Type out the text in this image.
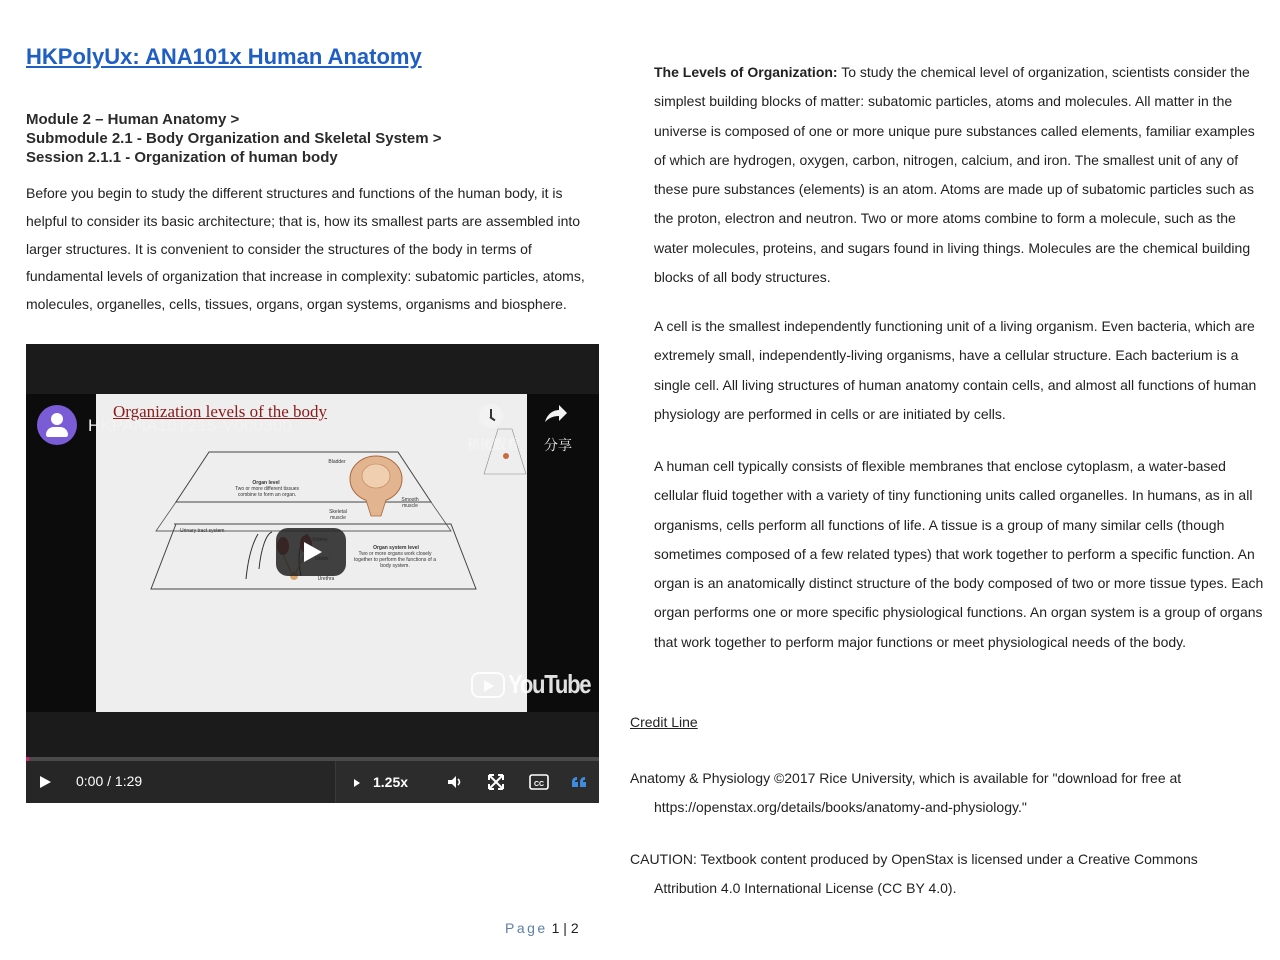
HKPolyUx: ANA101x Human Anatomy
Module 2 – Human Anatomy >
Submodule 2.1 - Body Organization and Skeletal System >
Session 2.1.1 - Organization of human body

Before you begin to study the different structures and functions of the human body, it is helpful to consider its basic architecture; that is, how its smallest parts are assembled into larger structures. It is convenient to consider the structures of the body in terms of fundamental levels of organization that increase in complexity: subatomic particles, atoms, molecules, organelles, cells, tissues, organs, organ systems, organisms and biosphere.

Organization levels of the body
Organ level
Two or more different tissues combine to form an organ.
Bladder
Smooth muscle
Skeletal muscle
Urinary tract system
Urethra
Organ system level
Two or more organs work closely together to perform the functions of a body system.
HKPANA10T215-V000300
稍後觀看 分享
YouTube
0:00 / 1:29	1.25x	CC

The Levels of Organization: To study the chemical level of organization, scientists consider the simplest building blocks of matter: subatomic particles, atoms and molecules. All matter in the universe is composed of one or more unique pure substances called elements, familiar examples of which are hydrogen, oxygen, carbon, nitrogen, calcium, and iron. The smallest unit of any of these pure substances (elements) is an atom. Atoms are made up of subatomic particles such as the proton, electron and neutron. Two or more atoms combine to form a molecule, such as the water molecules, proteins, and sugars found in living things. Molecules are the chemical building blocks of all body structures.

A cell is the smallest independently functioning unit of a living organism. Even bacteria, which are extremely small, independently-living organisms, have a cellular structure. Each bacterium is a single cell. All living structures of human anatomy contain cells, and almost all functions of human physiology are performed in cells or are initiated by cells.

A human cell typically consists of flexible membranes that enclose cytoplasm, a water-based cellular fluid together with a variety of tiny functioning units called organelles. In humans, as in all organisms, cells perform all functions of life. A tissue is a group of many similar cells (though sometimes composed of a few related types) that work together to perform a specific function. An organ is an anatomically distinct structure of the body composed of two or more tissue types. Each organ performs one or more specific physiological functions. An organ system is a group of organs that work together to perform major functions or meet physiological needs of the body.

Credit Line

Anatomy & Physiology ©2017 Rice University, which is available for "download for free at https://openstax.org/details/books/anatomy-and-physiology."

CAUTION: Textbook content produced by OpenStax is licensed under a Creative Commons Attribution 4.0 International License (CC BY 4.0).

Page 1 | 2
